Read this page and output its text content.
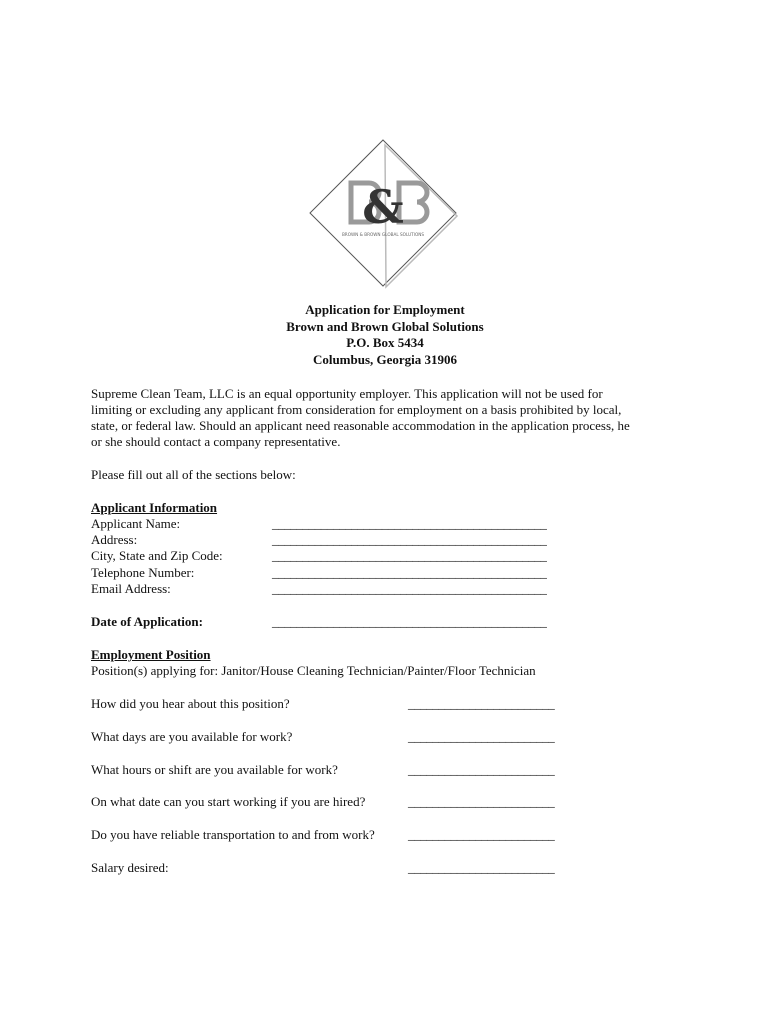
&
BROWN & BROWN GLOBAL SOLUTIONS
Application for Employment
Brown and Brown Global Solutions
P.O. Box 5434
Columbus, Georgia 31906
Supreme Clean Team, LLC is an equal opportunity employer. This application will not be used for
limiting or excluding any applicant from consideration for employment on a basis prohibited by local,
state, or federal law. Should an applicant need reasonable accommodation in the application process, he
or she should contact a company representative.
Please fill out all of the sections below:
Applicant Information
Applicant Name:	_____________________________________________
Address:	_____________________________________________
City, State and Zip Code:	_____________________________________________
Telephone Number:	_____________________________________________
Email Address:	_____________________________________________
Date of Application:	_____________________________________________
Employment Position
Position(s) applying for: Janitor/House Cleaning Technician/Painter/Floor Technician
How did you hear about this position?	________________________
What days are you available for work?	________________________
What hours or shift are you available for work?	________________________
On what date can you start working if you are hired?	________________________
Do you have reliable transportation to and from work?	________________________
Salary desired:	________________________
